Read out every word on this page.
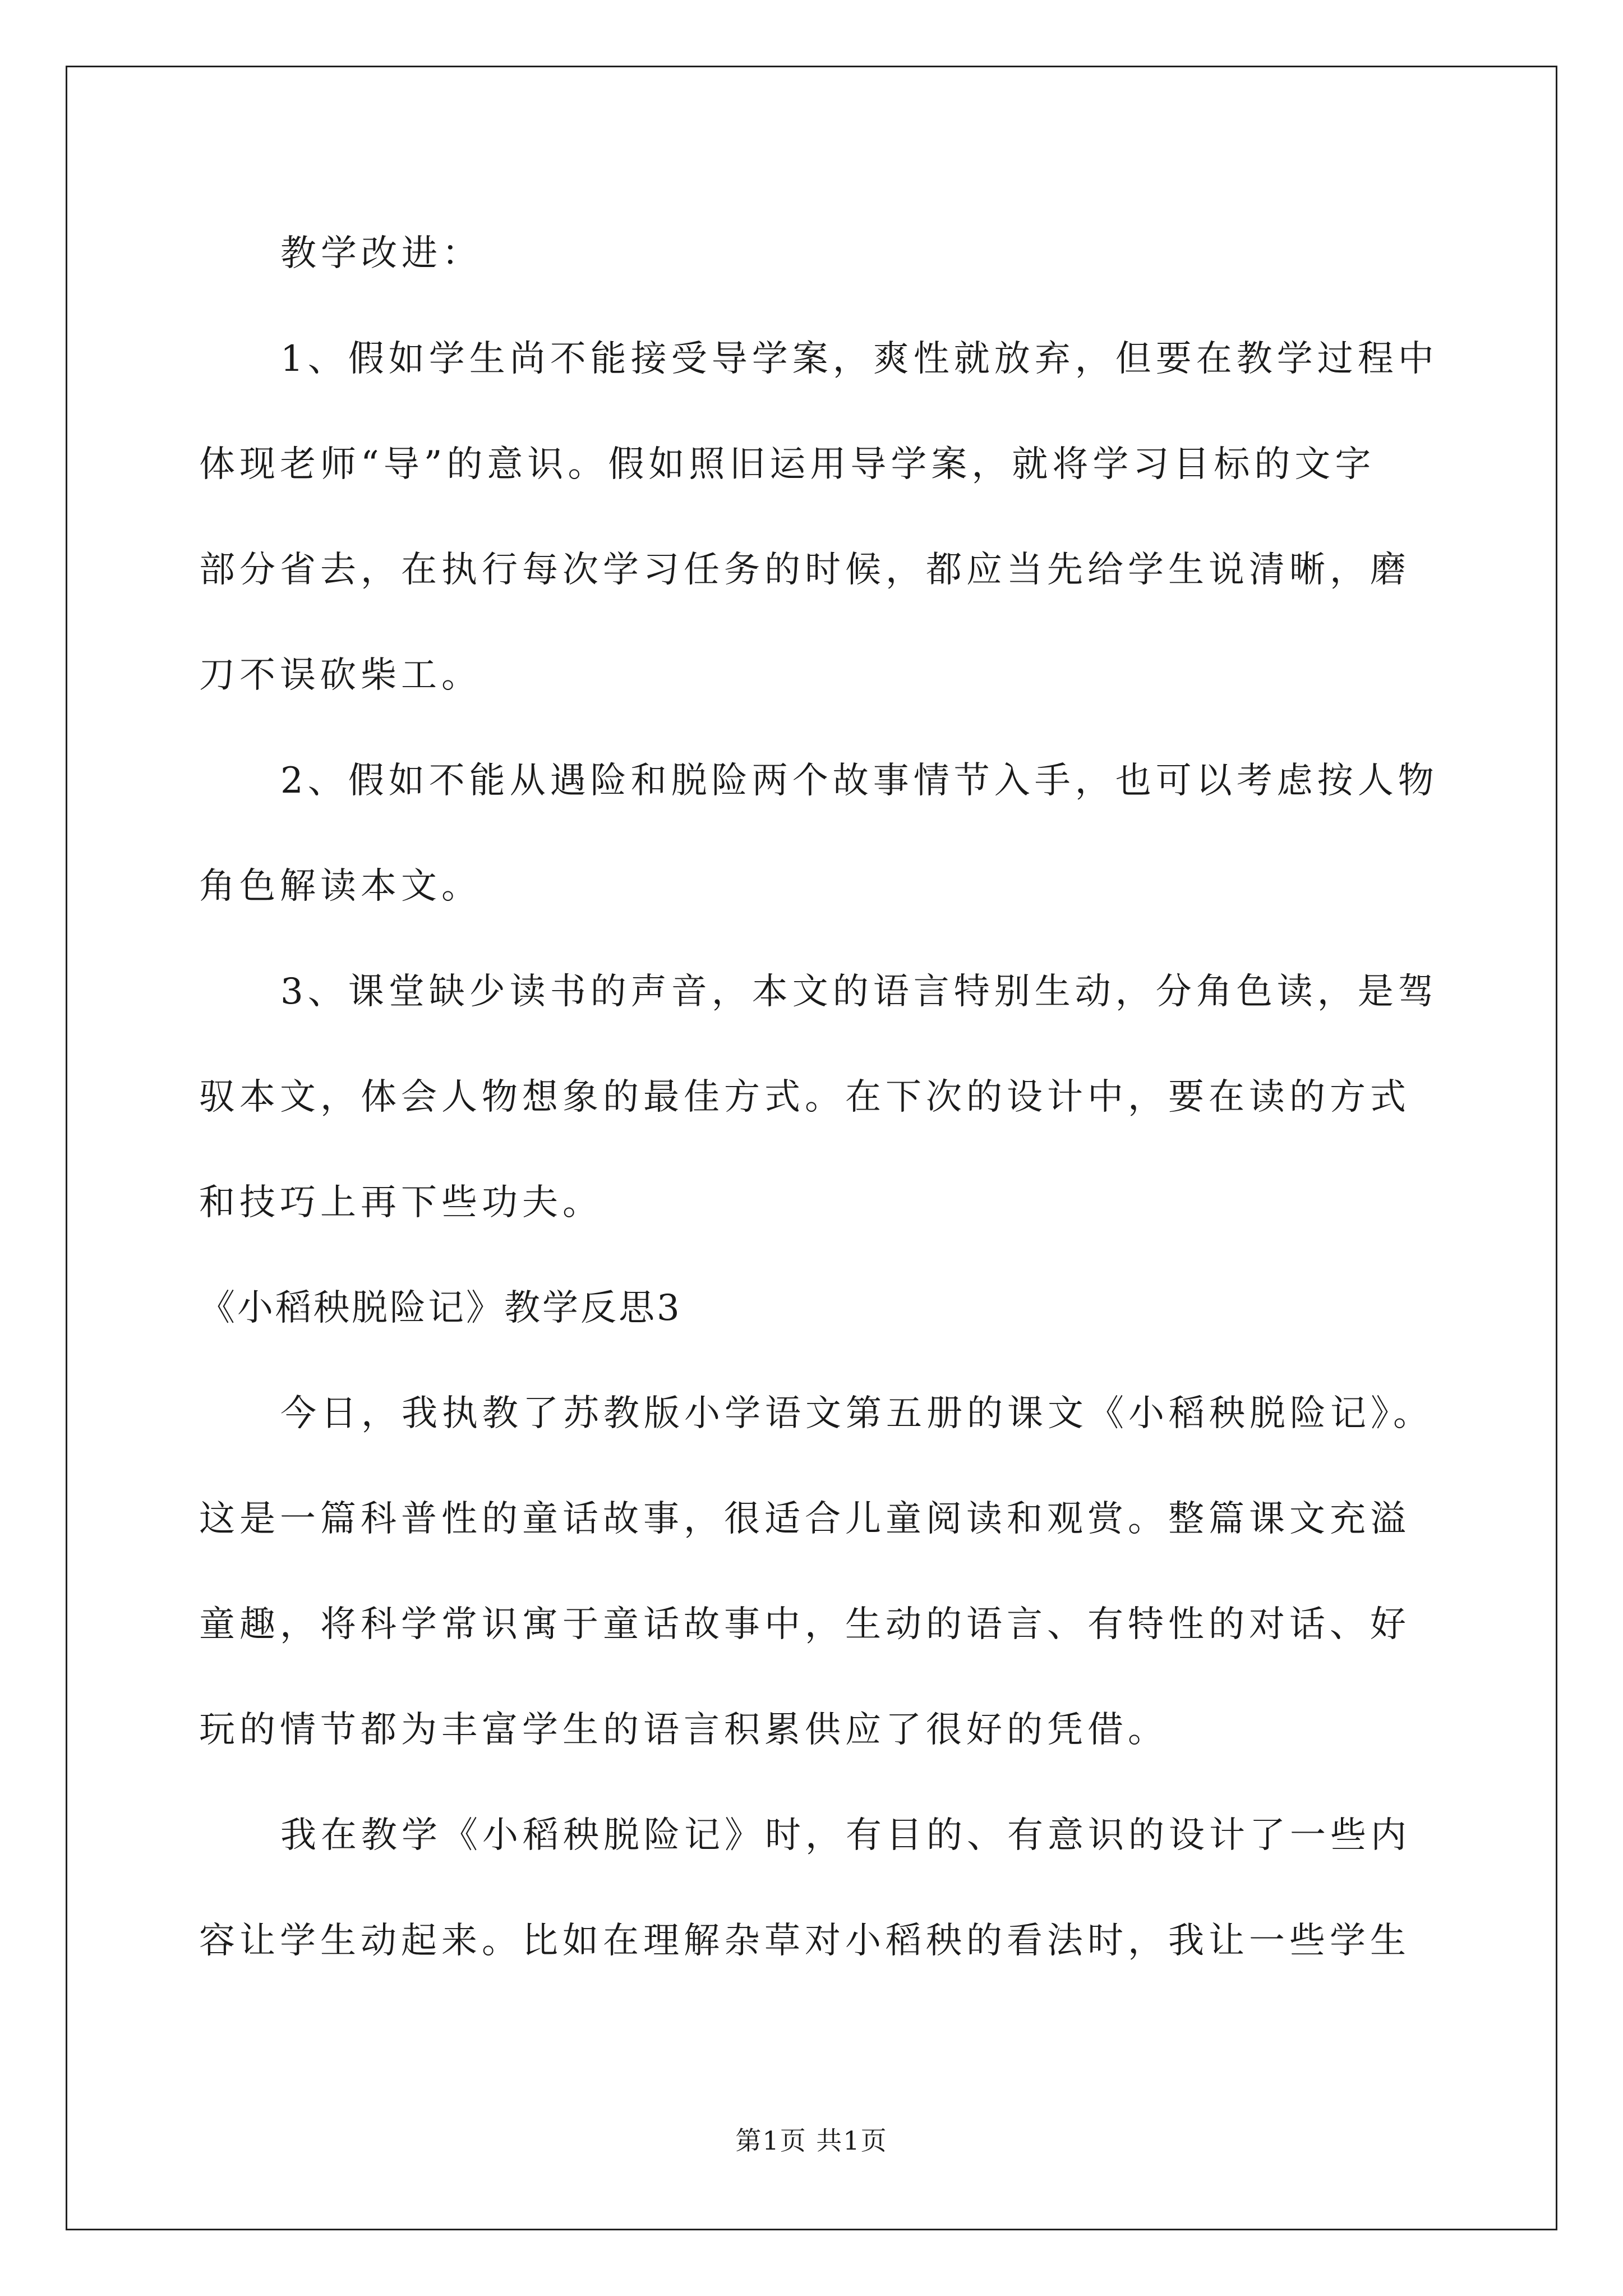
教学改进：
1、假如学生尚不能接受导学案，爽性就放弃，但要在教学过程中
体现老师“导”的意识。假如照旧运用导学案，就将学习目标的文字
部分省去，在执行每次学习任务的时候，都应当先给学生说清晰，磨
刀不误砍柴工。
2、假如不能从遇险和脱险两个故事情节入手，也可以考虑按人物
角色解读本文。
3、课堂缺少读书的声音，本文的语言特别生动，分角色读，是驾
驭本文，体会人物想象的最佳方式。在下次的设计中，要在读的方式
和技巧上再下些功夫。
《小稻秧脱险记》教学反思3
今日，我执教了苏教版小学语文第五册的课文《小稻秧脱险记》。
这是一篇科普性的童话故事，很适合儿童阅读和观赏。整篇课文充溢
童趣，将科学常识寓于童话故事中，生动的语言、有特性的对话、好
玩的情节都为丰富学生的语言积累供应了很好的凭借。
我在教学《小稻秧脱险记》时，有目的、有意识的设计了一些内
容让学生动起来。比如在理解杂草对小稻秧的看法时，我让一些学生
第1页 共1页
